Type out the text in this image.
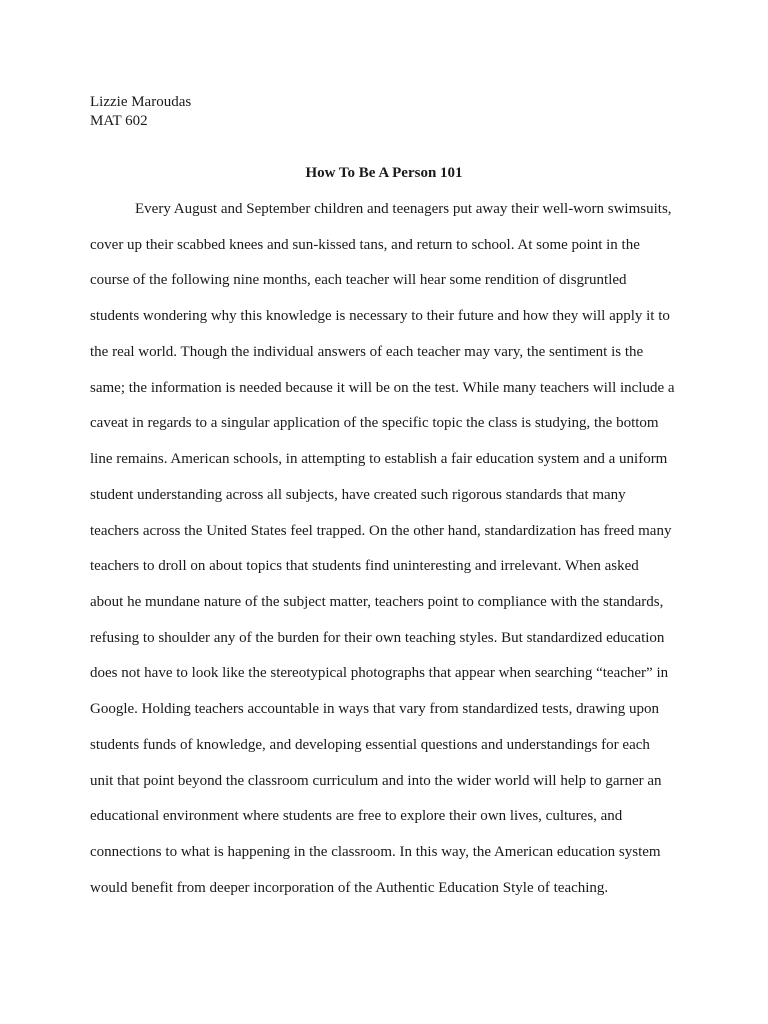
Lizzie Maroudas
MAT 602
How To Be A Person 101
Every August and September children and teenagers put away their well-worn swimsuits,
cover up their scabbed knees and sun-kissed tans, and return to school. At some point in the
course of the following nine months, each teacher will hear some rendition of disgruntled
students wondering why this knowledge is necessary to their future and how they will apply it to
the real world. Though the individual answers of each teacher may vary, the sentiment is the
same; the information is needed because it will be on the test. While many teachers will include a
caveat in regards to a singular application of the specific topic the class is studying, the bottom
line remains. American schools, in attempting to establish a fair education system and a uniform
student understanding across all subjects, have created such rigorous standards that many
teachers across the United States feel trapped. On the other hand, standardization has freed many
teachers to droll on about topics that students find uninteresting and irrelevant. When asked
about he mundane nature of the subject matter, teachers point to compliance with the standards,
refusing to shoulder any of the burden for their own teaching styles. But standardized education
does not have to look like the stereotypical photographs that appear when searching “teacher” in
Google. Holding teachers accountable in ways that vary from standardized tests, drawing upon
students funds of knowledge, and developing essential questions and understandings for each
unit that point beyond the classroom curriculum and into the wider world will help to garner an
educational environment where students are free to explore their own lives, cultures, and
connections to what is happening in the classroom. In this way, the American education system
would benefit from deeper incorporation of the Authentic Education Style of teaching.
